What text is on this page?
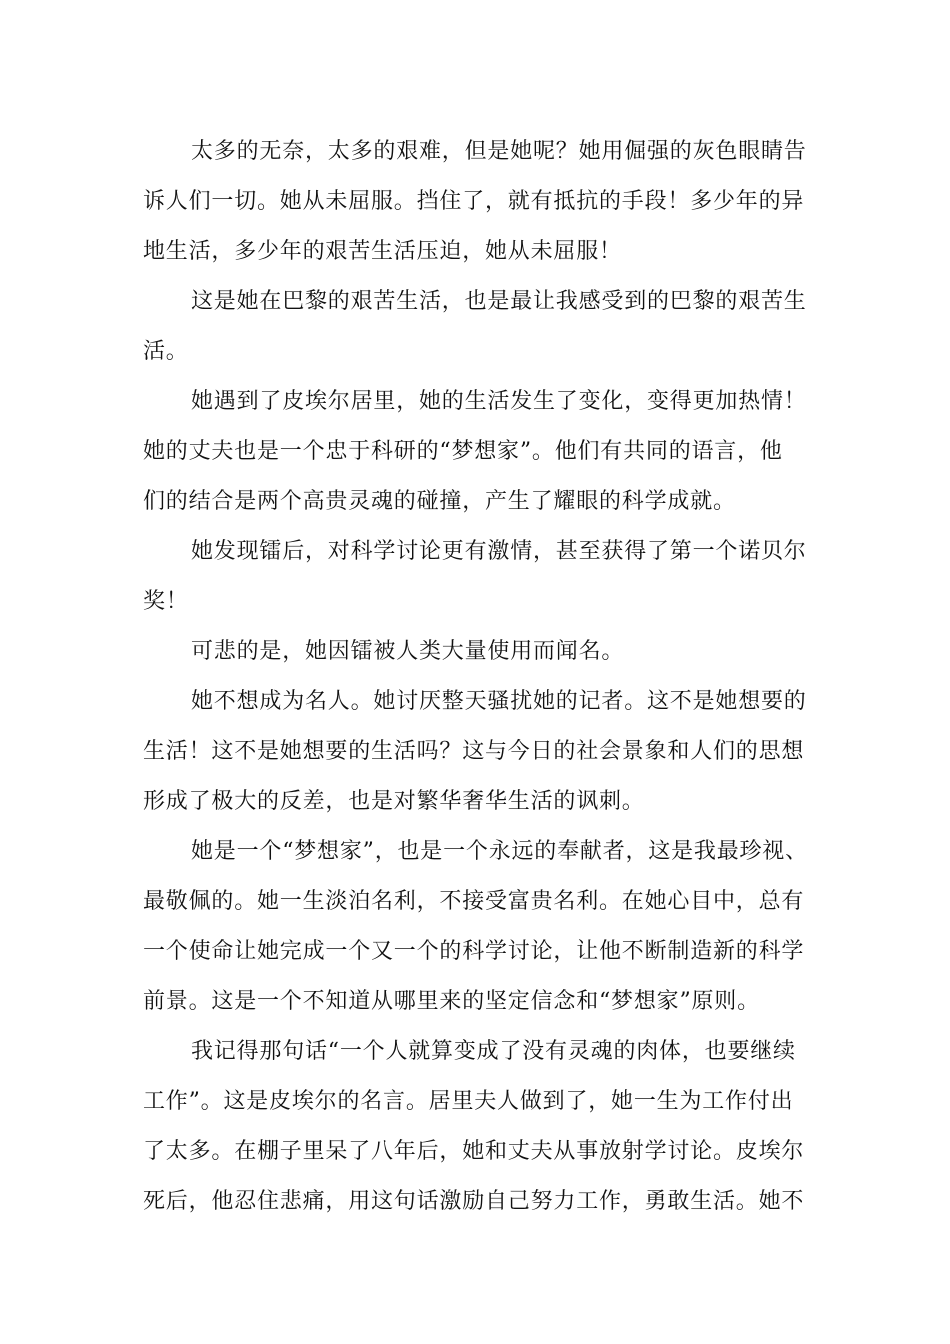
太多的无奈，太多的艰难，但是她呢？她用倔强的灰色眼睛告
诉人们一切。她从未屈服。挡住了，就有抵抗的手段！多少年的异
地生活，多少年的艰苦生活压迫，她从未屈服！

这是她在巴黎的艰苦生活，也是最让我感受到的巴黎的艰苦生
活。

她遇到了皮埃尔居里，她的生活发生了变化，变得更加热情！
她的丈夫也是一个忠于科研的“梦想家”。他们有共同的语言，他
们的结合是两个高贵灵魂的碰撞，产生了耀眼的科学成就。

她发现镭后，对科学讨论更有激情，甚至获得了第一个诺贝尔
奖！

可悲的是，她因镭被人类大量使用而闻名。

她不想成为名人。她讨厌整天骚扰她的记者。这不是她想要的
生活！这不是她想要的生活吗？这与今日的社会景象和人们的思想
形成了极大的反差，也是对繁华奢华生活的讽刺。

她是一个“梦想家”，也是一个永远的奉献者，这是我最珍视、
最敬佩的。她一生淡泊名利，不接受富贵名利。在她心目中，总有
一个使命让她完成一个又一个的科学讨论，让他不断制造新的科学
前景。这是一个不知道从哪里来的坚定信念和“梦想家”原则。

我记得那句话“一个人就算变成了没有灵魂的肉体，也要继续
工作”。这是皮埃尔的名言。居里夫人做到了，她一生为工作付出
了太多。在棚子里呆了八年后，她和丈夫从事放射学讨论。皮埃尔
死后，他忍住悲痛，用这句话激励自己努力工作，勇敢生活。她不
